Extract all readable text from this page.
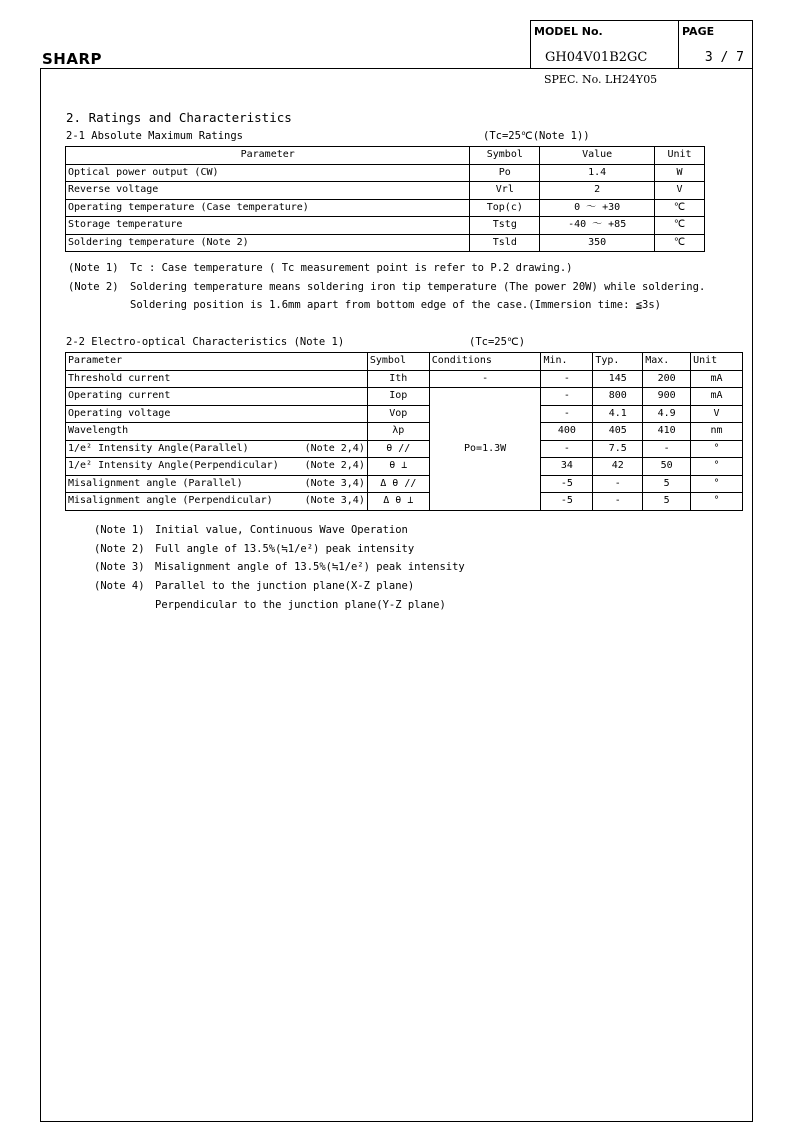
SHARP
MODEL No.
GH04V01B2GC
PAGE
3 / 7
SPEC. No. LH24Y05
2. Ratings and Characteristics
2-1 Absolute Maximum Ratings	(Tc=25℃(Note 1))
Parameter	Symbol	Value	Unit
Optical power output (CW)	Po	1.4	W
Reverse voltage	Vrl	2	V
Operating temperature (Case temperature)	Top(c)	0 〜 +30	℃
Storage temperature	Tstg	-40 〜 +85	℃
Soldering temperature (Note 2)	Tsld	350	℃
(Note 1) Tc : Case temperature ( Tc measurement point is refer to P.2 drawing.)
(Note 2) Soldering temperature means soldering iron tip temperature (The power 20W) while soldering.
Soldering position is 1.6mm apart from bottom edge of the case.(Immersion time: ≦3s)
2-2 Electro-optical Characteristics (Note 1)	(Tc=25℃)
Parameter		Symbol	Conditions	Min.	Typ.	Max.	Unit
Threshold current		Ith	-	-	145	200	mA
Operating current		Iop	Po=1.3W	-	800	900	mA
Operating voltage		Vop		-	4.1	4.9	V
Wavelength		λp		400	405	410	nm
1/e² Intensity Angle(Parallel)	(Note 2,4)	θ //		-	7.5	-	°
1/e² Intensity Angle(Perpendicular)	(Note 2,4)	θ ⊥		34	42	50	°
Misalignment angle (Parallel)	(Note 3,4)	Δ θ //		-5	-	5	°
Misalignment angle (Perpendicular)	(Note 3,4)	Δ θ ⊥		-5	-	5	°
(Note 1) Initial value, Continuous Wave Operation
(Note 2) Full angle of 13.5%(≒1/e²) peak intensity
(Note 3) Misalignment angle of 13.5%(≒1/e²) peak intensity
(Note 4) Parallel to the junction plane(X-Z plane)
Perpendicular to the junction plane(Y-Z plane)
